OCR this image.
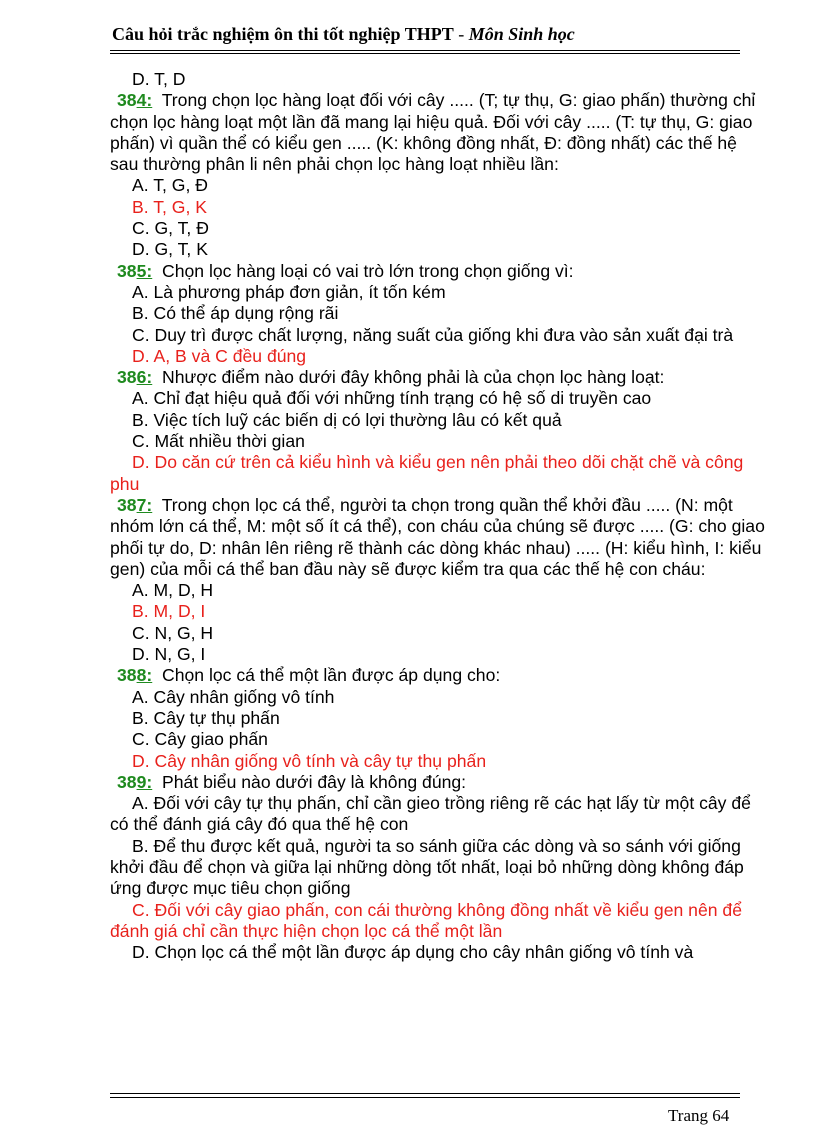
Câu hỏi trắc nghiệm ôn thi tốt nghiệp THPT - Môn Sinh học

D. T, D

384: Trong chọn lọc hàng loạt đối với cây ..... (T; tự thụ, G: giao phấn) thường chỉ chọn lọc hàng loạt một lần đã mang lại hiệu quả. Đối với cây ..... (T: tự thụ, G: giao phấn) vì quần thể có kiểu gen ..... (K: không đồng nhất, Đ: đồng nhất) các thế hệ sau thường phân li nên phải chọn lọc hàng loạt nhiều lần:

A. T, G, Đ

B. T, G, K

C. G, T, Đ

D. G, T, K

385: Chọn lọc hàng loại có vai trò lớn trong chọn giống vì:

A. Là phương pháp đơn giản, ít tốn kém

B. Có thể áp dụng rộng rãi

C. Duy trì được chất lượng, năng suất của giống khi đưa vào sản xuất đại trà

D. A, B và C đều đúng

386: Nhược điểm nào dưới đây không phải là của chọn lọc hàng loạt:

A. Chỉ đạt hiệu quả đối với những tính trạng có hệ số di truyền cao

B. Việc tích luỹ các biến dị có lợi thường lâu có kết quả

C. Mất nhiều thời gian

D. Do căn cứ trên cả kiểu hình và kiểu gen nên phải theo dõi chặt chẽ và công phu

387: Trong chọn lọc cá thể, người ta chọn trong quần thể khởi đầu ..... (N: một nhóm lớn cá thể, M: một số ít cá thể), con cháu của chúng sẽ được ..... (G: cho giao phối tự do, D: nhân lên riêng rẽ thành các dòng khác nhau) ..... (H: kiểu hình, I: kiểu gen) của mỗi cá thể ban đầu này sẽ được kiểm tra qua các thế hệ con cháu:

A. M, D, H

B. M, D, I

C. N, G, H

D. N, G, I

388: Chọn lọc cá thể một lần được áp dụng cho:

A. Cây nhân giống vô tính

B. Cây tự thụ phấn

C. Cây giao phấn

D. Cây nhân giống vô tính và cây tự thụ phấn

389: Phát biểu nào dưới đây là không đúng:

A. Đối với cây tự thụ phấn, chỉ cần gieo trồng riêng rẽ các hạt lấy từ một cây để có thể đánh giá cây đó qua thế hệ con

B. Để thu được kết quả, người ta so sánh giữa các dòng và so sánh với giống khởi đầu để chọn và giữa lại những dòng tốt nhất, loại bỏ những dòng không đáp ứng được mục tiêu chọn giống

C. Đối với cây giao phấn, con cái thường không đồng nhất về kiểu gen nên để đánh giá chỉ cần thực hiện chọn lọc cá thể một lần

D. Chọn lọc cá thể một lần được áp dụng cho cây nhân giống vô tính và

Trang 64
